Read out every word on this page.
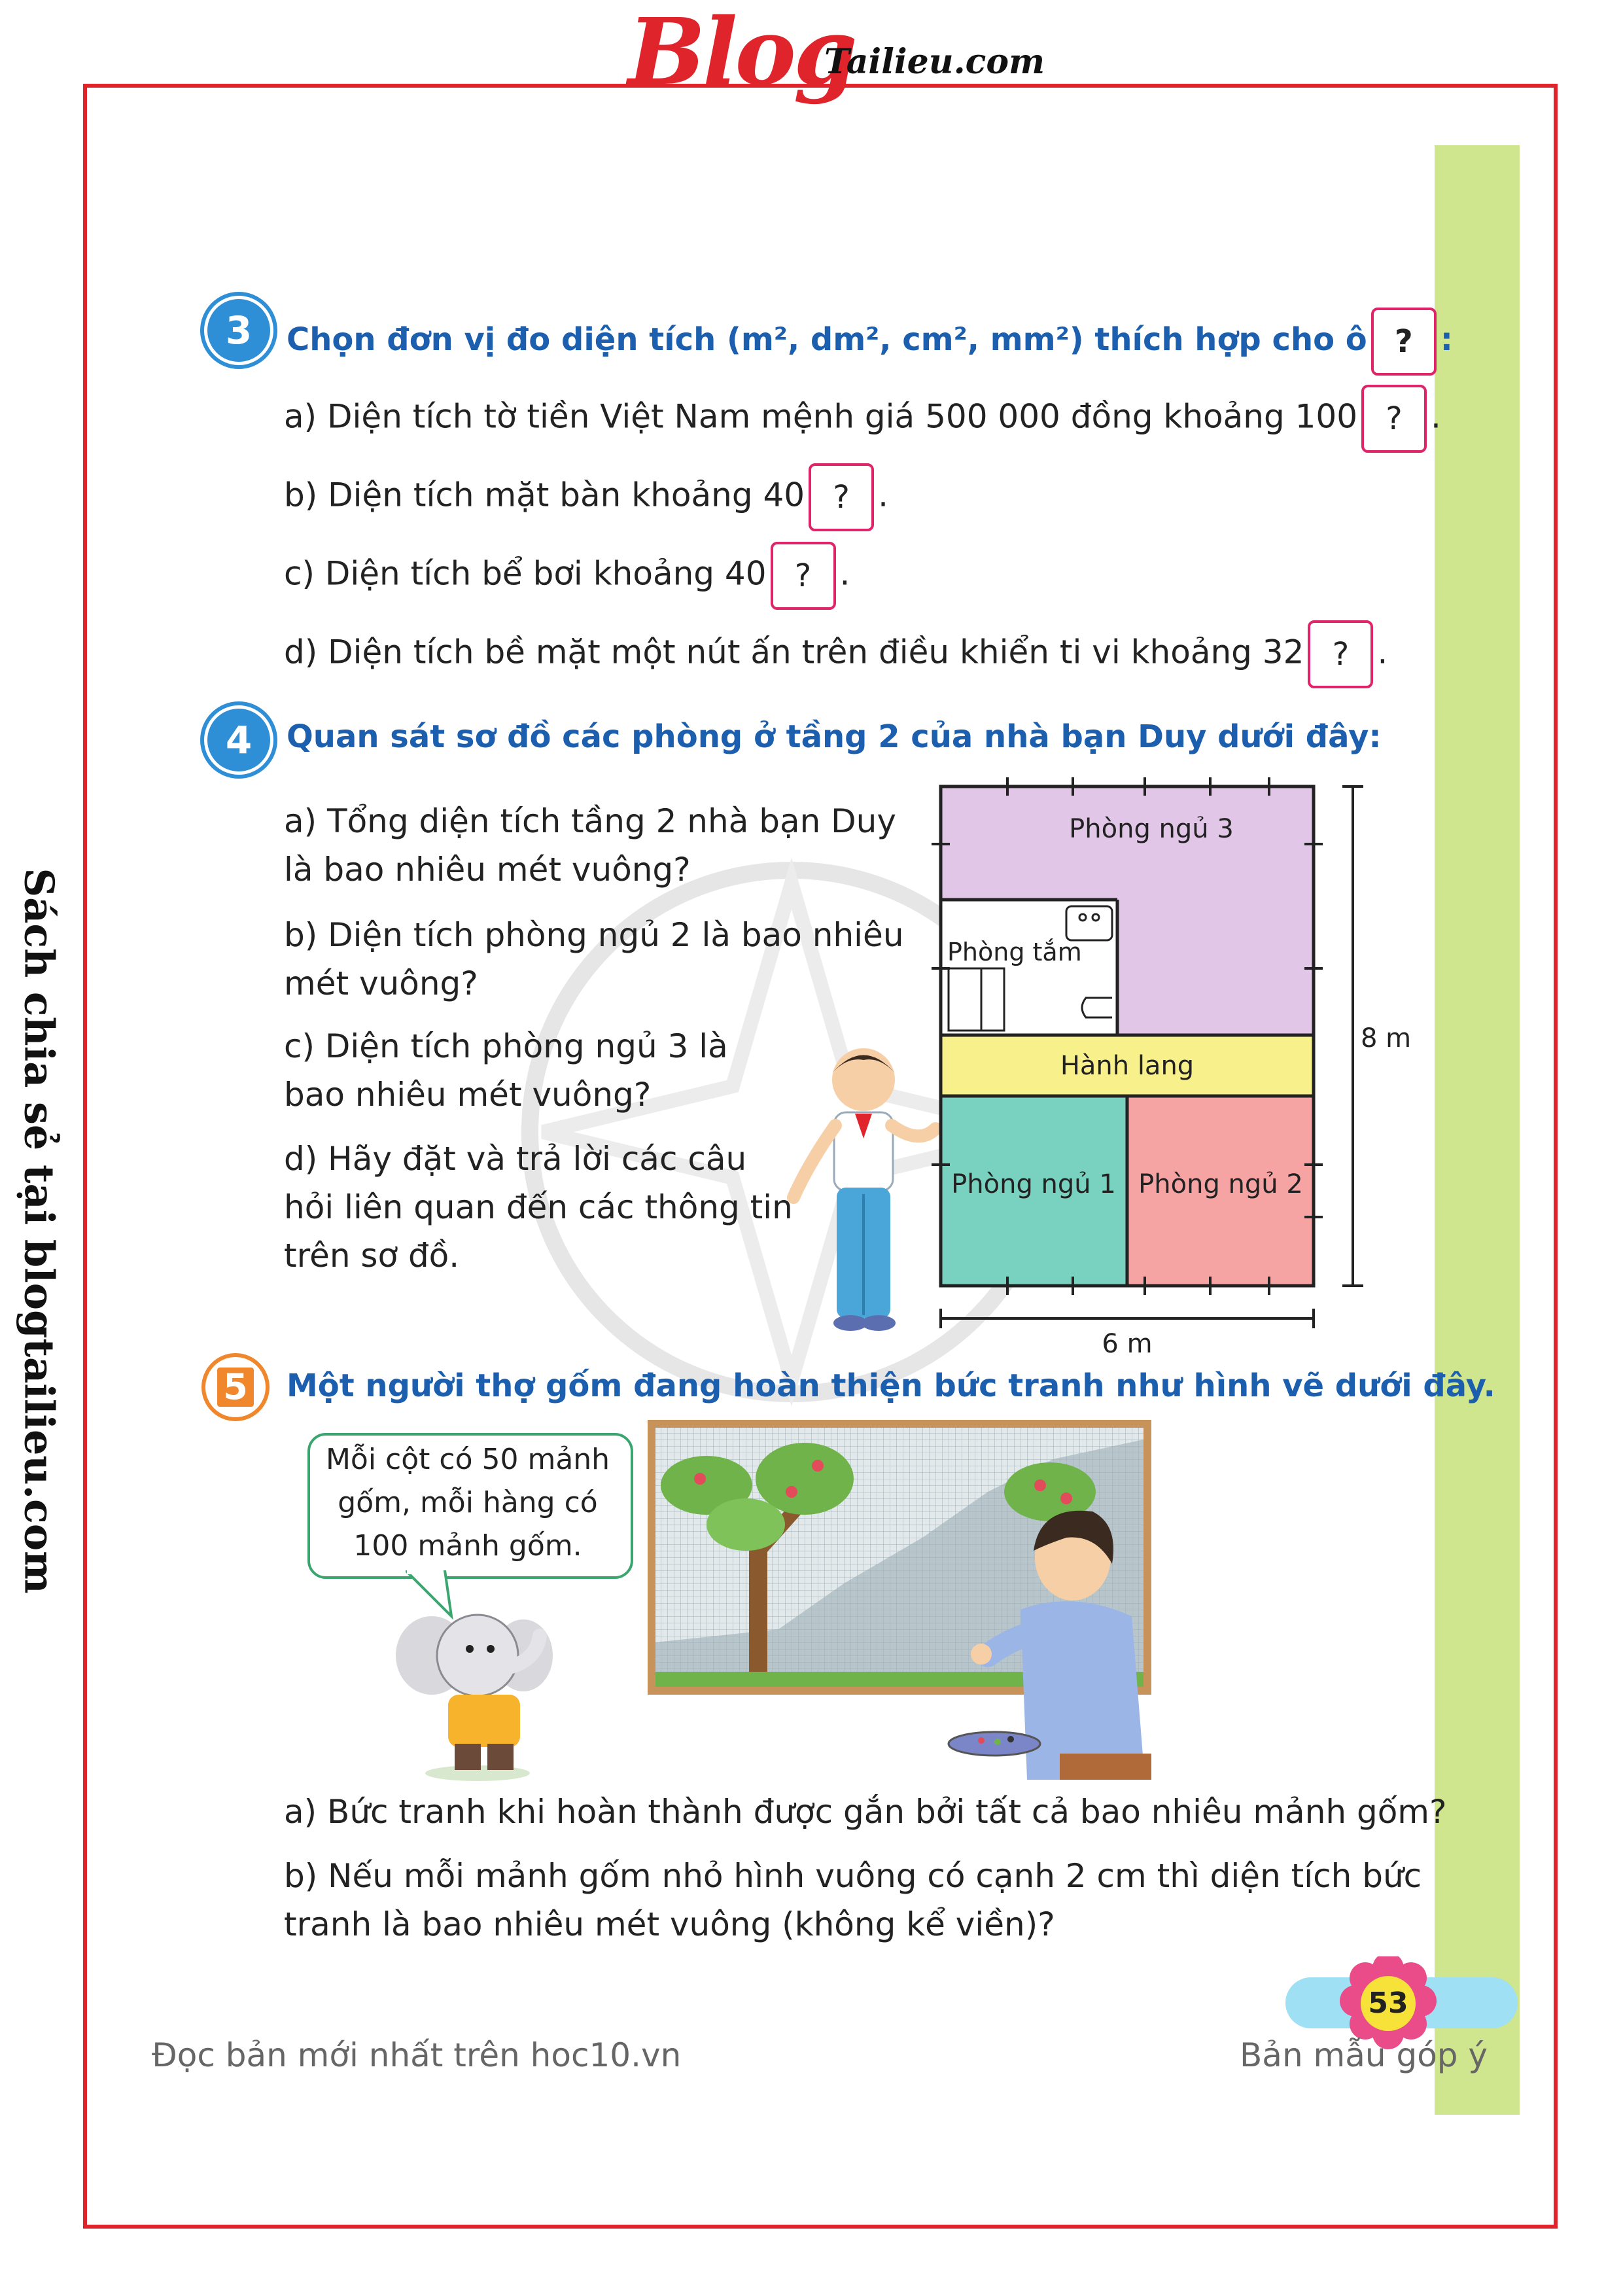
Blog
Tailieu.com
Sách chia sẻ tại blogtailieu.com
3	Chọn đơn vị đo diện tích (m², dm², cm², mm²) thích hợp cho ô ? :
a) Diện tích tờ tiền Việt Nam mệnh giá 500 000 đồng khoảng 100 ? .
b) Diện tích mặt bàn khoảng 40 ? .
c) Diện tích bể bơi khoảng 40 ? .
d) Diện tích bề mặt một nút ấn trên điều khiển ti vi khoảng 32 ? .
4	Quan sát sơ đồ các phòng ở tầng 2 của nhà bạn Duy dưới đây:
a) Tổng diện tích tầng 2 nhà bạn Duy
là bao nhiêu mét vuông?
b) Diện tích phòng ngủ 2 là bao nhiêu
mét vuông?
c) Diện tích phòng ngủ 3 là
bao nhiêu mét vuông?
d) Hãy đặt và trả lời các câu
hỏi liên quan đến các thông tin
trên sơ đồ.
Phòng ngủ 3
Phòng tắm
Hành lang
Phòng ngủ 1 Phòng ngủ 2
8 m
6 m
5 Một người thợ gốm đang hoàn thiện bức tranh như hình vẽ dưới đây.
Mỗi cột có 50 mảnh
gốm, mỗi hàng có
100 mảnh gốm.
a) Bức tranh khi hoàn thành được gắn bởi tất cả bao nhiêu mảnh gốm?
b) Nếu mỗi mảnh gốm nhỏ hình vuông có cạnh 2 cm thì diện tích bức
tranh là bao nhiêu mét vuông (không kể viền)?
53
Đọc bản mới nhất trên hoc10.vn	Bản mẫu góp ý
